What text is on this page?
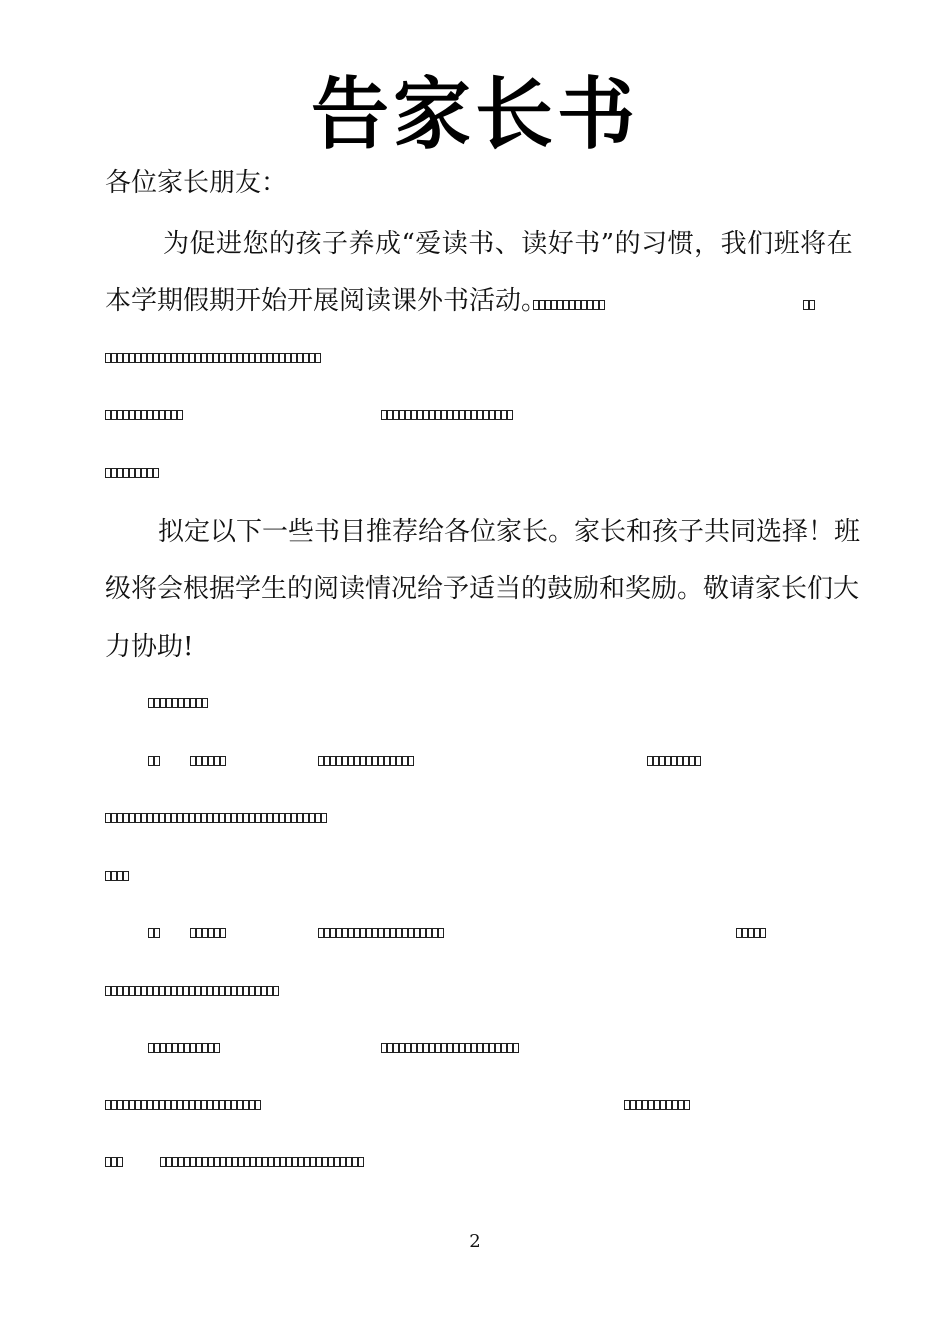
告家长书
各位家长朋友：
为促进您的孩子养成“爱读书、读好书”的习惯，我们班将在
本学期假期开始开展阅读课外书活动。
拟定以下一些书目推荐给各位家长。家长和孩子共同选择！班
级将会根据学生的阅读情况给予适当的鼓励和奖励。敬请家长们大
力协助!
2
